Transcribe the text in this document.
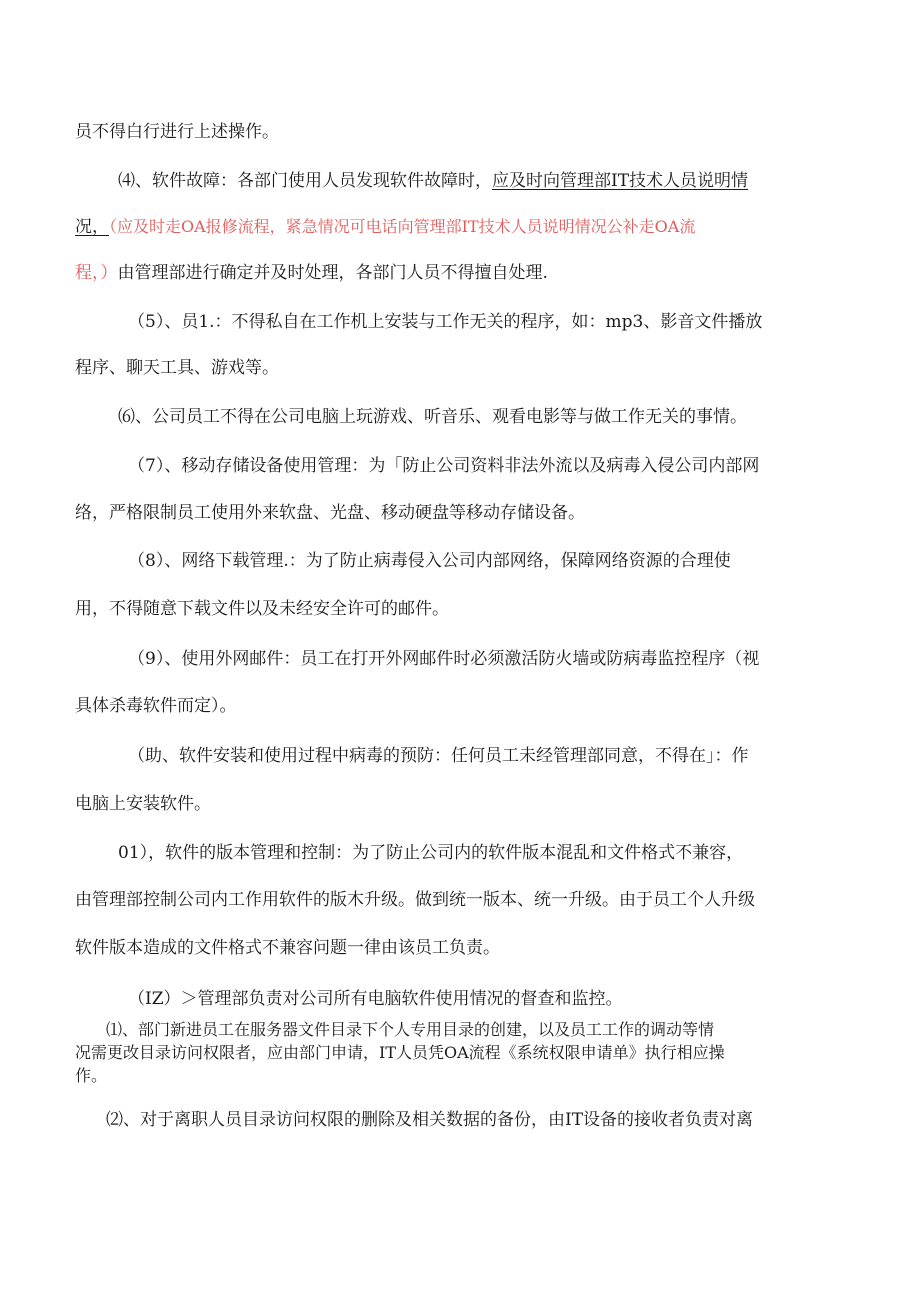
员不得白行进行上述操作。

⑷、软件故障：各部门使用人员发现软件故障时，应及时向管理部IT技术人员说明情

况，（应及时走OA报修流程，紧急情况可电话向管理部IT技术人员说明情况公补走OA流

程，）由管理部进行确定并及时处理，各部门人员不得擅自处理.

（5）、员1.：不得私自在工作机上安装与工作无关的程序，如：mp3、影音文件播放

程序、聊天工具、游戏等。

⑹、公司员工不得在公司电脑上玩游戏、听音乐、观看电影等与做工作无关的事情。

（7）、移动存储设备使用管理：为「防止公司资料非法外流以及病毒入侵公司内部网

络，严格限制员工使用外来软盘、光盘、移动硬盘等移动存储设备。

（8）、网络下载管理.：为了防止病毒侵入公司内部网络，保障网络资源的合理使

用，不得随意下载文件以及未经安全许可的邮件。

（9）、使用外网邮件：员工在打开外网邮件时必须激活防火墙或防病毒监控程序（视

具体杀毒软件而定）。

（助、软件安装和使用过程中病毒的预防：任何员工未经管理部同意，不得在」：作

电脑上安装软件。

01），软件的版本管理和控制：为了防止公司内的软件版本混乱和文件格式不兼容，

由管理部控制公司内工作用软件的版木升级。做到统一版本、统一升级。由于员工个人升级

软件版本造成的文件格式不兼容问题一律由该员工负责。

（IZ）＞管理部负责对公司所有电脑软件使用情况的督查和监控。

⑴、部门新进员工在服务器文件目录下个人专用目录的创建，以及员工工作的调动等情

况需更改目录访问权限者，应由部门申请，IT人员凭OA流程《系统权限申请单》执行相应操

作。

⑵、对于离职人员目录访问权限的删除及相关数据的备份，由IT设备的接收者负责对离
